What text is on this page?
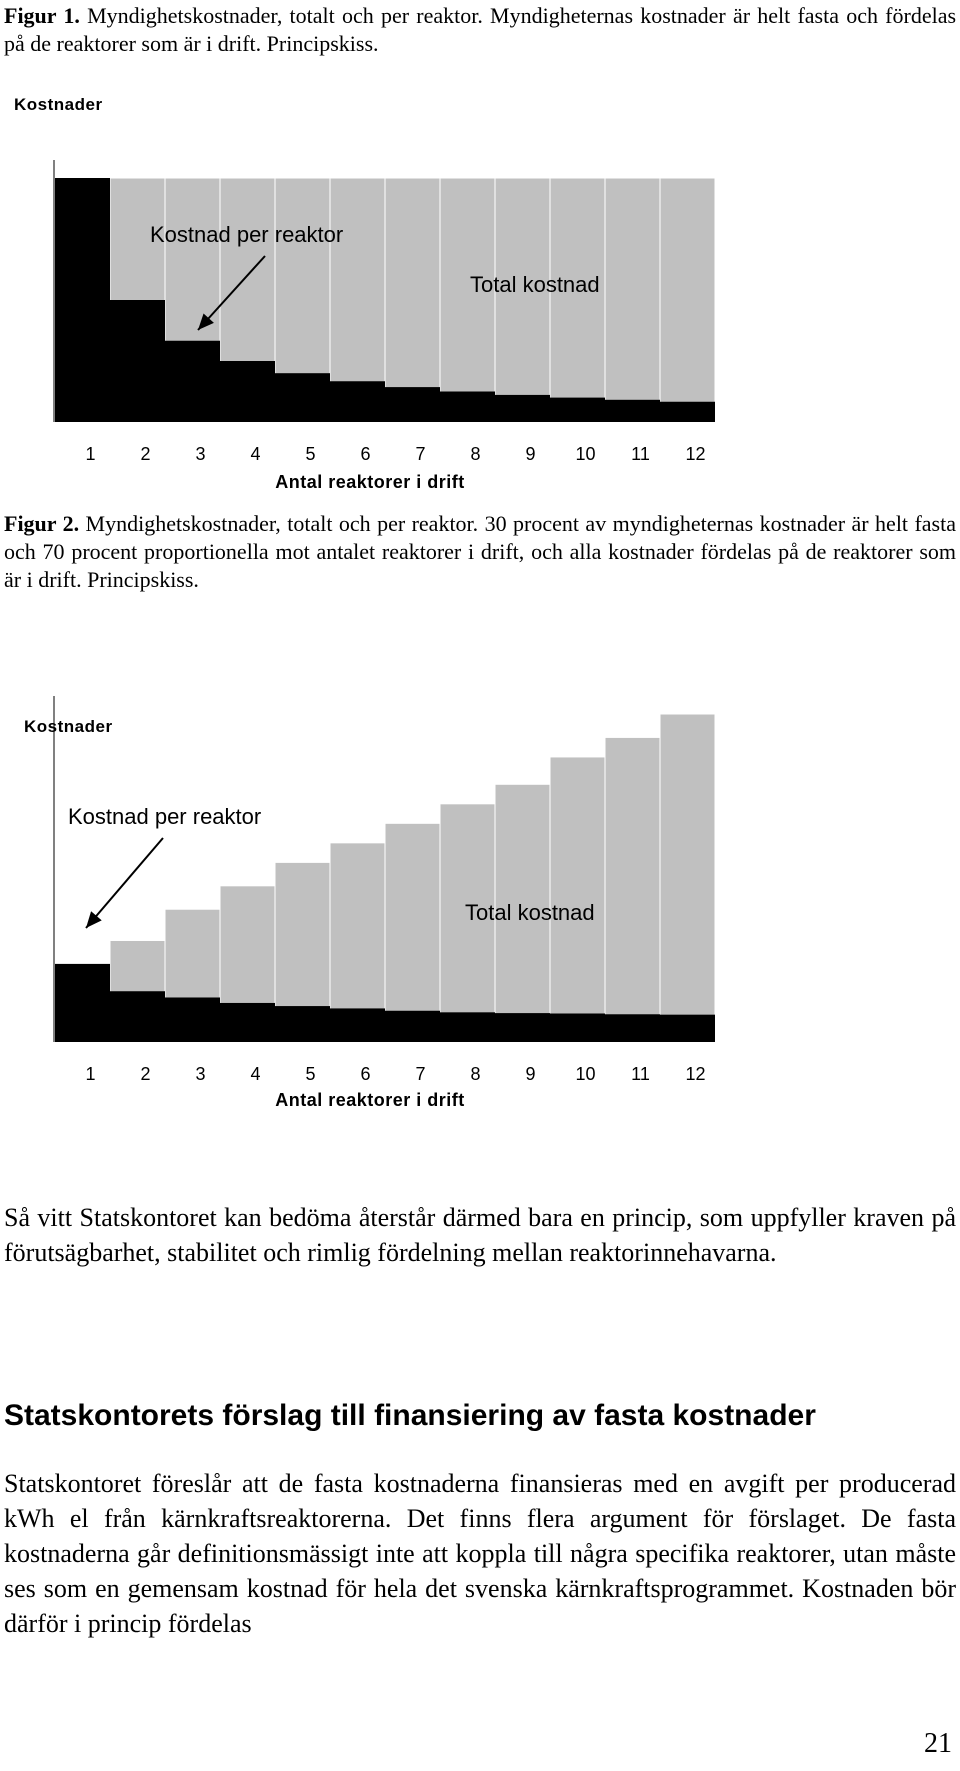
Figur 1. Myndighetskostnader, totalt och per reaktor. Myndigheternas kostnader är helt fasta och fördelas på de reaktorer som är i drift. Principskiss.

Kostnader
1 2 3 4 5 6 7 8 9 10 11 12
Antal reaktorer i drift
Kostnad per reaktor
Total kostnad

Figur 2. Myndighetskostnader, totalt och per reaktor. 30 procent av myndigheternas kostnader är helt fasta och 70 procent proportionella mot antalet reaktorer i drift, och alla kostnader fördelas på de reaktorer som är i drift. Principskiss.

Kostnader
1 2 3 4 5 6 7 8 9 10 11 12
Antal reaktorer i drift
Kostnad per reaktor
Total kostnad

Så vitt Statskontoret kan bedöma återstår därmed bara en princip, som uppfyller kraven på förutsägbarhet, stabilitet och rimlig fördelning mellan reaktorinnehavarna.

Statskontorets förslag till finansiering av fasta kostnader

Statskontoret föreslår att de fasta kostnaderna finansieras med en avgift per producerad kWh el från kärnkraftsreaktorerna. Det finns flera argument för förslaget. De fasta kostnaderna går definitionsmässigt inte att koppla till några specifika reaktorer, utan måste ses som en gemensam kostnad för hela det svenska kärnkraftsprogrammet. Kostnaden bör därför i princip fördelas

21
